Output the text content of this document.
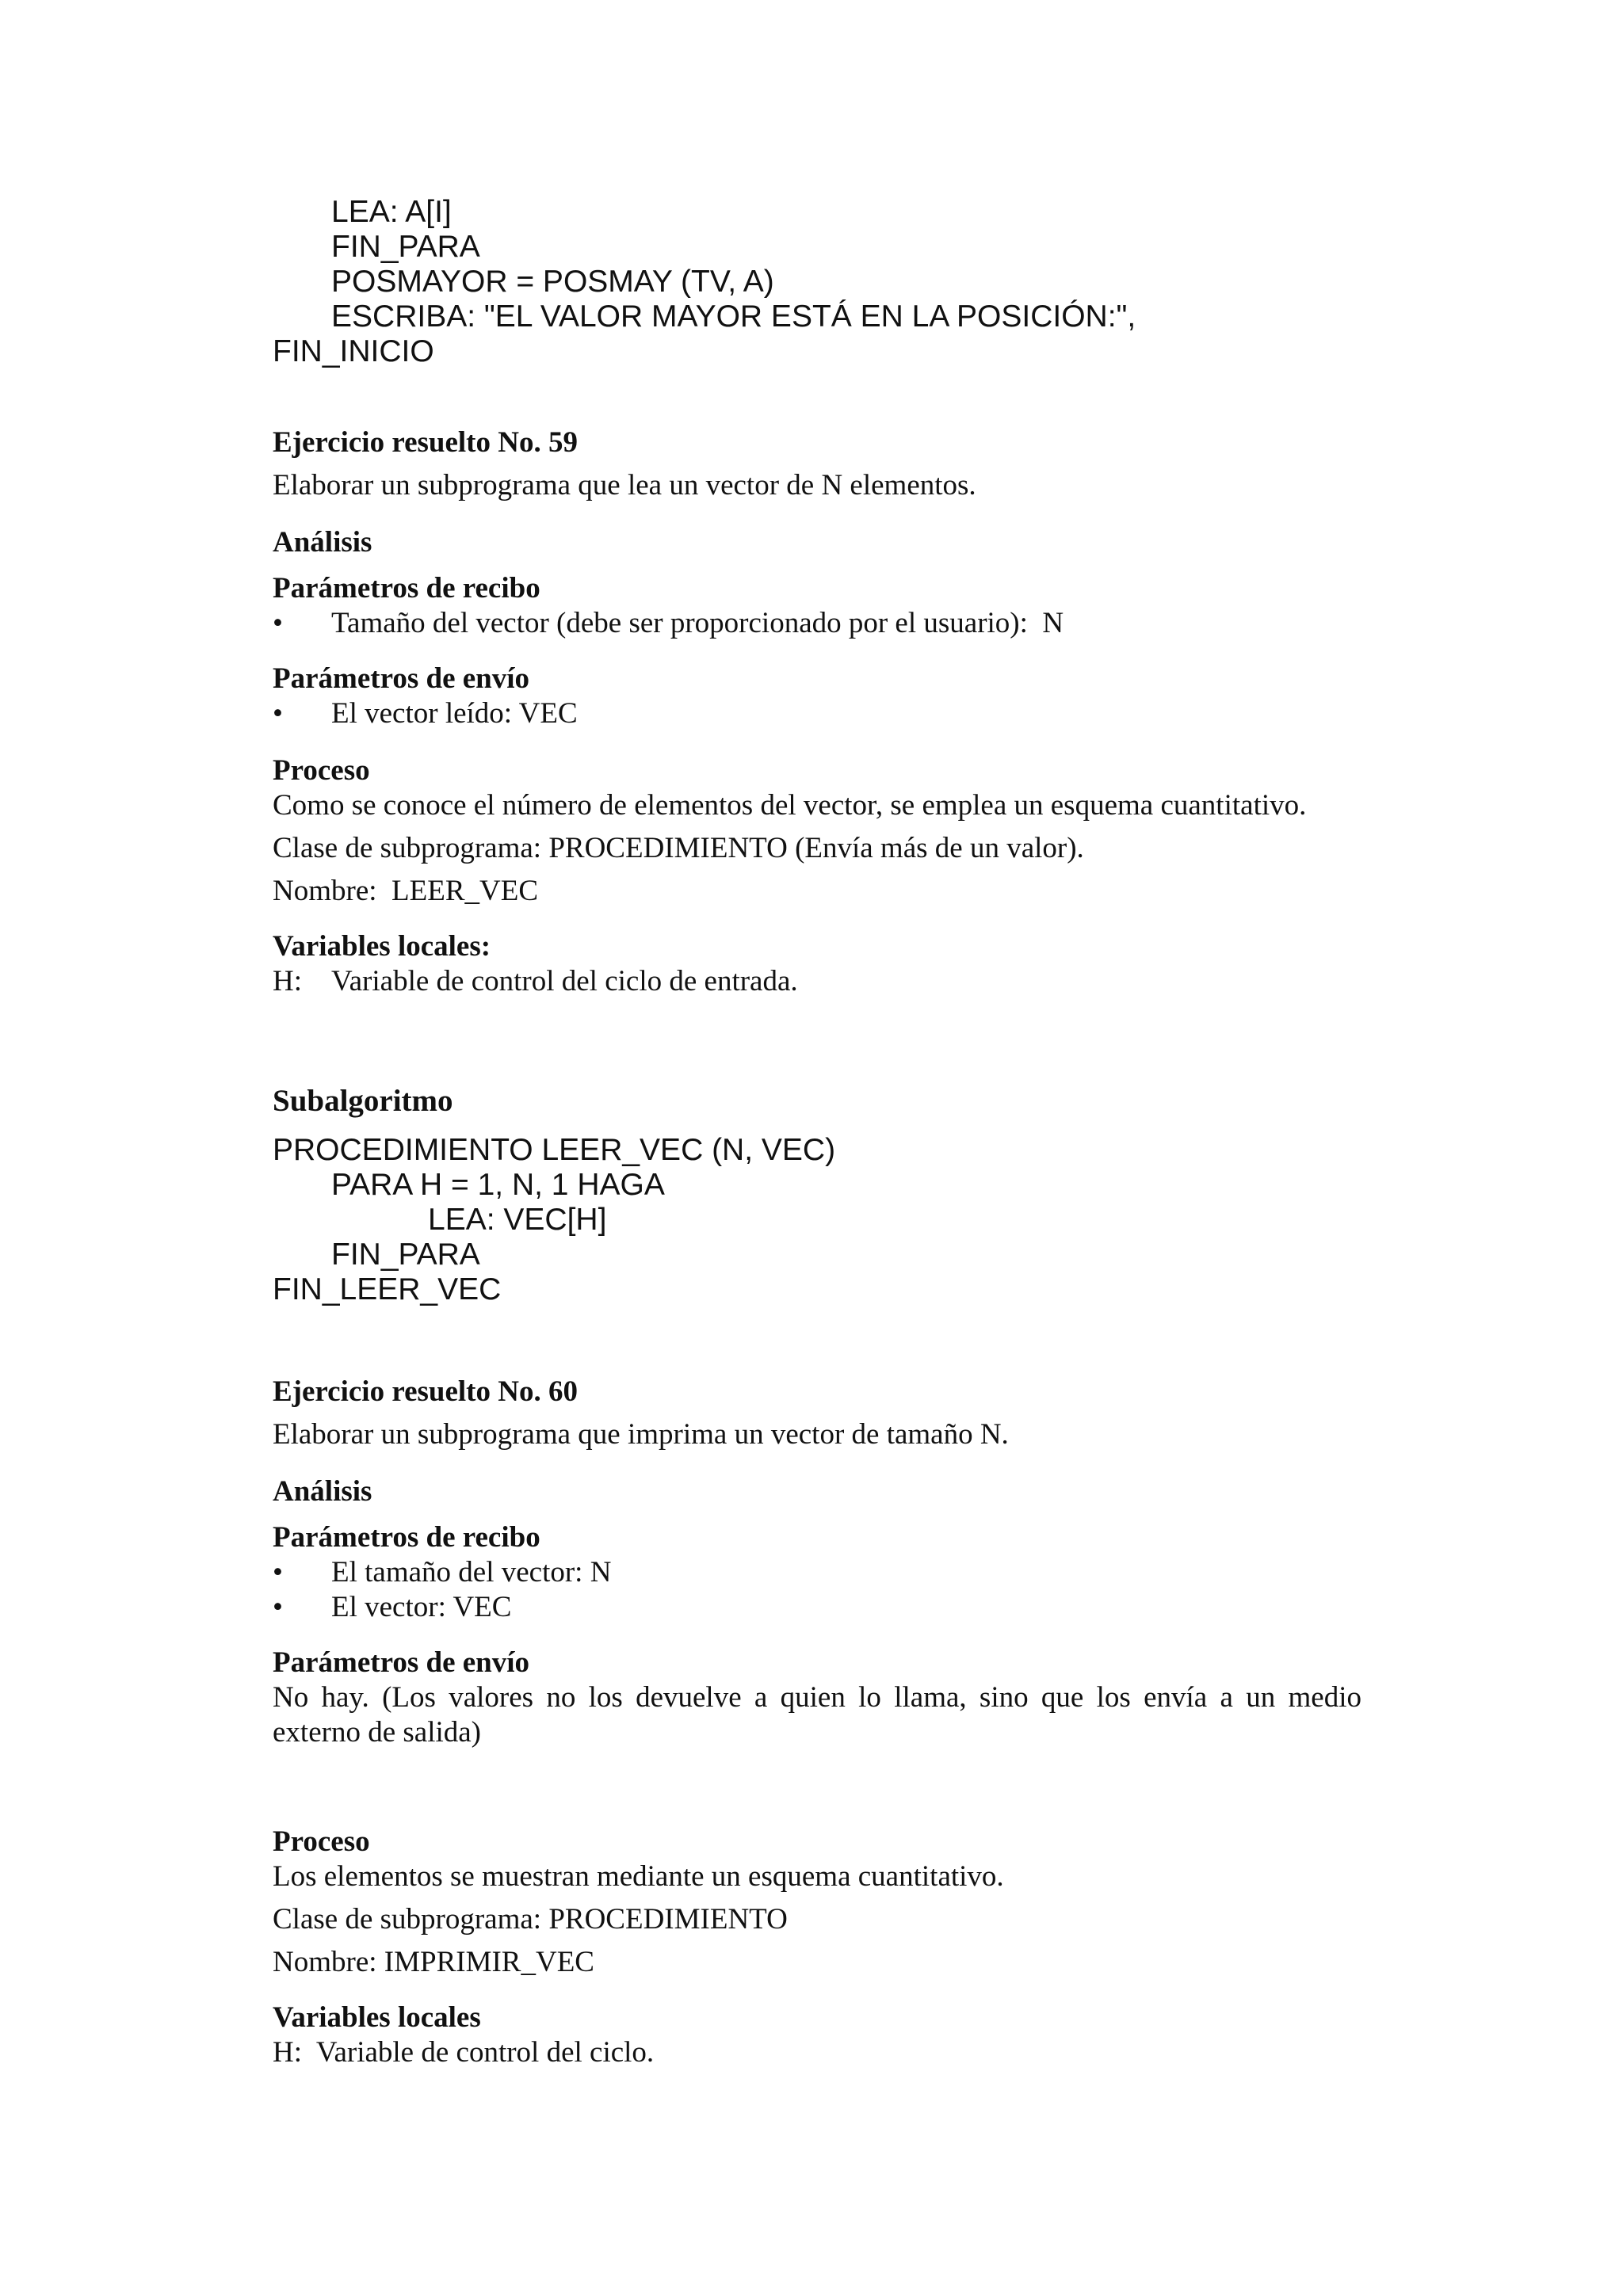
LEA: A[I]
FIN_PARA
POSMAYOR = POSMAY (TV, A)
ESCRIBA: "EL VALOR MAYOR ESTÁ EN LA POSICIÓN:",
FIN_INICIO
Ejercicio resuelto No. 59
Elaborar un subprograma que lea un vector de N elementos.
Análisis
Parámetros de recibo
• Tamaño del vector (debe ser proporcionado por el usuario):  N
Parámetros de envío
• El vector leído: VEC
Proceso
Como se conoce el número de elementos del vector, se emplea un esquema cuantitativo.
Clase de subprograma: PROCEDIMIENTO (Envía más de un valor).
Nombre:  LEER_VEC
Variables locales:
H: Variable de control del ciclo de entrada.
Subalgoritmo
PROCEDIMIENTO LEER_VEC (N, VEC)
PARA H = 1, N, 1 HAGA
LEA: VEC[H]
FIN_PARA
FIN_LEER_VEC
Ejercicio resuelto No. 60
Elaborar un subprograma que imprima un vector de tamaño N.
Análisis
Parámetros de recibo
• El tamaño del vector: N
• El vector: VEC
Parámetros de envío
No hay. (Los valores no los devuelve a quien lo llama, sino que los envía a un medio
externo de salida)
Proceso
Los elementos se muestran mediante un esquema cuantitativo.
Clase de subprograma: PROCEDIMIENTO
Nombre: IMPRIMIR_VEC
Variables locales
H:  Variable de control del ciclo.
